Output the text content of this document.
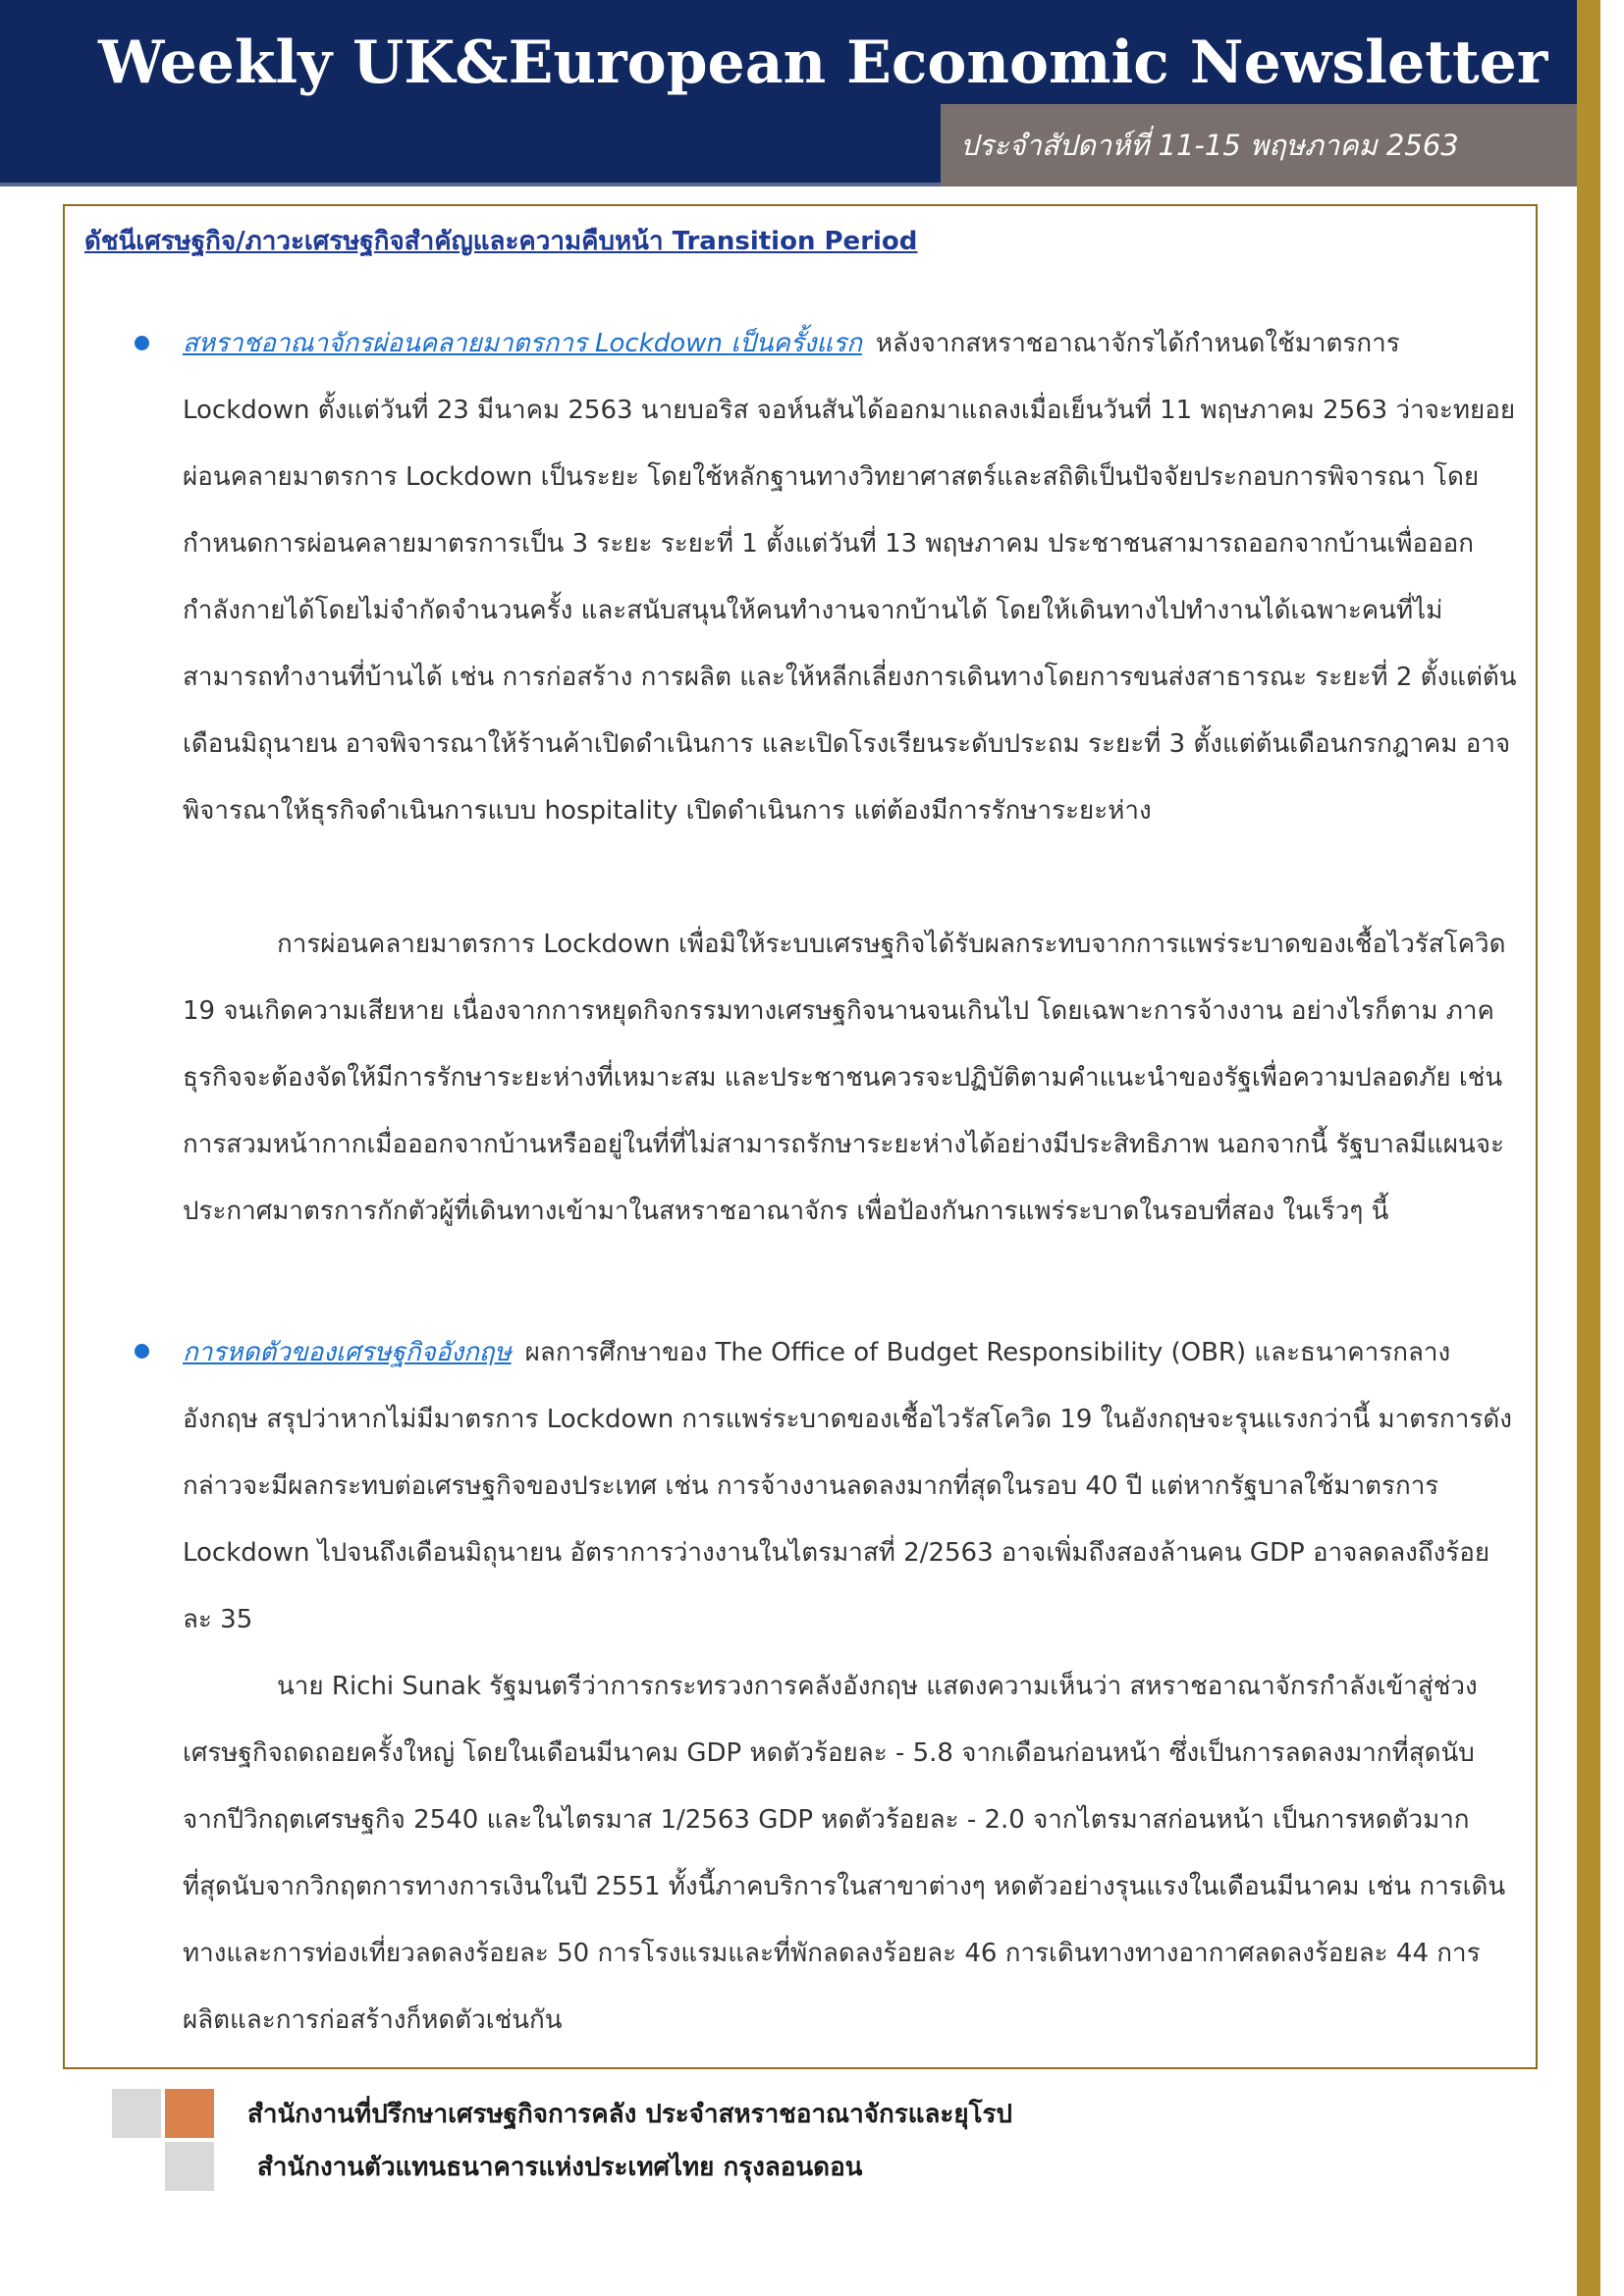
Weekly UK&European Economic Newsletter
ประจำสัปดาห์ที่ 11-15 พฤษภาคม 2563
ดัชนีเศรษฐกิจ/ภาวะเศรษฐกิจสำคัญและความคืบหน้า Transition Period

สหราชอาณาจักรผ่อนคลายมาตรการ Lockdown เป็นครั้งแรก หลังจากสหราชอาณาจักรได้กำหนดใช้มาตรการ Lockdown ตั้งแต่วันที่ 23 มีนาคม 2563 นายบอริส จอห์นสันได้ออกมาแถลงเมื่อเย็นวันที่ 11 พฤษภาคม 2563 ว่าจะทยอยผ่อนคลายมาตรการ Lockdown เป็นระยะ โดยใช้หลักฐานทางวิทยาศาสตร์และสถิติเป็นปัจจัยประกอบการพิจารณา โดยกำหนดการผ่อนคลายมาตรการเป็น 3 ระยะ ระยะที่ 1 ตั้งแต่วันที่ 13 พฤษภาคม ประชาชนสามารถออกจากบ้านเพื่อออกกำลังกายได้โดยไม่จำกัดจำนวนครั้ง และสนับสนุนให้คนทำงานจากบ้านได้ โดยให้เดินทางไปทำงานได้เฉพาะคนที่ไม่สามารถทำงานที่บ้านได้ เช่น การก่อสร้าง การผลิต และให้หลีกเลี่ยงการเดินทางโดยการขนส่งสาธารณะ ระยะที่ 2 ตั้งแต่ต้นเดือนมิถุนายน อาจพิจารณาให้ร้านค้าเปิดดำเนินการ และเปิดโรงเรียนระดับประถม ระยะที่ 3 ตั้งแต่ต้นเดือนกรกฎาคม อาจพิจารณาให้ธุรกิจดำเนินการแบบ hospitality เปิดดำเนินการ แต่ต้องมีการรักษาระยะห่าง

การผ่อนคลายมาตรการ Lockdown เพื่อมิให้ระบบเศรษฐกิจได้รับผลกระทบจากการแพร่ระบาดของเชื้อไวรัสโควิด 19 จนเกิดความเสียหาย เนื่องจากการหยุดกิจกรรมทางเศรษฐกิจนานจนเกินไป โดยเฉพาะการจ้างงาน อย่างไรก็ตาม ภาคธุรกิจจะต้องจัดให้มีการรักษาระยะห่างที่เหมาะสม และประชาชนควรจะปฏิบัติตามคำแนะนำของรัฐเพื่อความปลอดภัย เช่น การสวมหน้ากากเมื่อออกจากบ้านหรืออยู่ในที่ที่ไม่สามารถรักษาระยะห่างได้อย่างมีประสิทธิภาพ นอกจากนี้ รัฐบาลมีแผนจะประกาศมาตรการกักตัวผู้ที่เดินทางเข้ามาในสหราชอาณาจักร เพื่อป้องกันการแพร่ระบาดในรอบที่สอง ในเร็วๆ นี้

การหดตัวของเศรษฐกิจอังกฤษ ผลการศึกษาของ The Office of Budget Responsibility (OBR) และธนาคารกลางอังกฤษ สรุปว่าหากไม่มีมาตรการ Lockdown การแพร่ระบาดของเชื้อไวรัสโควิด 19 ในอังกฤษจะรุนแรงกว่านี้ มาตรการดังกล่าวจะมีผลกระทบต่อเศรษฐกิจของประเทศ เช่น การจ้างงานลดลงมากที่สุดในรอบ 40 ปี แต่หากรัฐบาลใช้มาตรการ Lockdown ไปจนถึงเดือนมิถุนายน อัตราการว่างงานในไตรมาสที่ 2/2563 อาจเพิ่มถึงสองล้านคน GDP อาจลดลงถึงร้อยละ 35

นาย Richi Sunak รัฐมนตรีว่าการกระทรวงการคลังอังกฤษ แสดงความเห็นว่า สหราชอาณาจักรกำลังเข้าสู่ช่วงเศรษฐกิจถดถอยครั้งใหญ่ โดยในเดือนมีนาคม GDP หดตัวร้อยละ - 5.8 จากเดือนก่อนหน้า ซึ่งเป็นการลดลงมากที่สุดนับจากปีวิกฤตเศรษฐกิจ 2540 และในไตรมาส 1/2563 GDP หดตัวร้อยละ - 2.0 จากไตรมาสก่อนหน้า เป็นการหดตัวมากที่สุดนับจากวิกฤตการทางการเงินในปี 2551 ทั้งนี้ภาคบริการในสาขาต่างๆ หดตัวอย่างรุนแรงในเดือนมีนาคม เช่น การเดินทางและการท่องเที่ยวลดลงร้อยละ 50 การโรงแรมและที่พักลดลงร้อยละ 46 การเดินทางทางอากาศลดลงร้อยละ 44 การผลิตและการก่อสร้างก็หดตัวเช่นกัน

สำนักงานที่ปรึกษาเศรษฐกิจการคลัง ประจำสหราชอาณาจักรและยุโรป
สำนักงานตัวแทนธนาคารแห่งประเทศไทย กรุงลอนดอน
